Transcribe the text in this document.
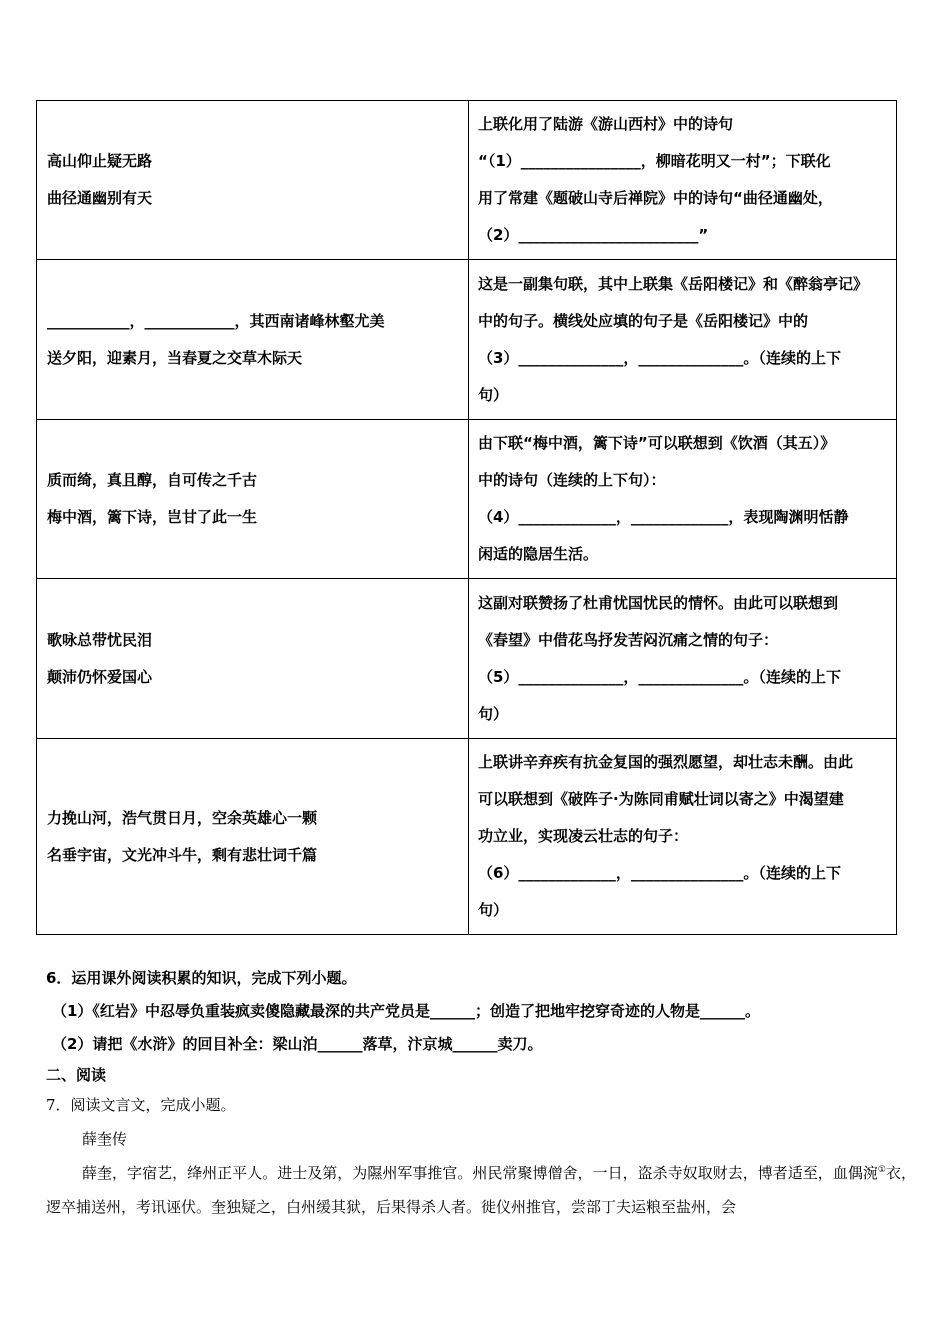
高山仰止疑无路
曲径通幽别有天	上联化用了陆游《游山西村》中的诗句
“（1）________________，柳暗花明又一村”；下联化
用了常建《题破山寺后禅院》中的诗句“曲径通幽处，
（2）________________________”

___________，____________，其西南诸峰林壑尤美
送夕阳，迎素月，当春夏之交草木际天	这是一副集句联，其中上联集《岳阳楼记》和《醉翁亭记》
中的句子。横线处应填的句子是《岳阳楼记》中的
（3）______________，______________。（连续的上下
句）

质而绮，真且醇，自可传之千古
梅中酒，篱下诗，岂甘了此一生	由下联“梅中酒，篱下诗”可以联想到《饮酒（其五）》
中的诗句（连续的上下句）：
（4）_____________，_____________，表现陶渊明恬静
闲适的隐居生活。

歌咏总带忧民泪
颠沛仍怀爱国心	这副对联赞扬了杜甫忧国忧民的情怀。由此可以联想到
《春望》中借花鸟抒发苦闷沉痛之情的句子：
（5）______________，______________。（连续的上下
句）

力挽山河，浩气贯日月，空余英雄心一颗
名垂宇宙，文光冲斗牛，剩有悲壮词千篇	上联讲辛弃疾有抗金复国的强烈愿望，却壮志未酬。由此
可以联想到《破阵子·为陈同甫赋壮词以寄之》中渴望建
功立业，实现凌云壮志的句子：
（6）_____________，_______________。（连续的上下
句）
6．运用课外阅读积累的知识，完成下列小题。
（1）《红岩》中忍辱负重装疯卖傻隐藏最深的共产党员是______；创造了把地牢挖穿奇迹的人物是______。
（2）请把《水浒》的回目补全：梁山泊______落草，汴京城______卖刀。
二、阅读
7．阅读文言文，完成小题。
薛奎传
薛奎，字宿艺，绛州正平人。进士及第，为隰州军事推官。州民常聚博僧舍，一日，盗杀寺奴取财去，博者适至，血偶涴①衣，逻卒捕送州，考讯诬伏。奎独疑之，白州缓其狱，后果得杀人者。徙仪州推官，尝部丁夫运粮至盐州，会
